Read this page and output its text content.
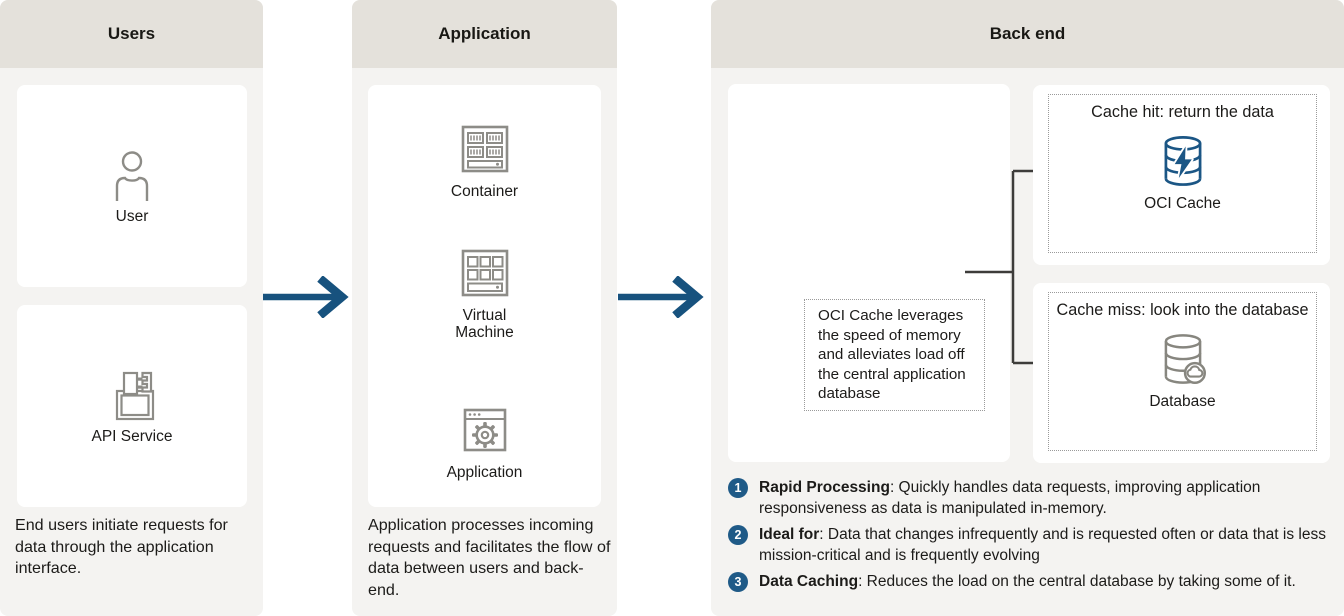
Users
User
API Service

End users initiate requests for data through the application interface.

Application
Container
Virtual Machine
Application

Application processes incoming requests and facilitates the flow of data between users and back-end.

Back end
OCI Cache leverages the speed of memory and alleviates load off the central application database
Cache hit: return the data
OCI Cache
Cache miss: look into the database
Database
1	Rapid Processing: Quickly handles data requests, improving application responsiveness as data is manipulated in-memory.
2	Ideal for: Data that changes infrequently and is requested often or data that is less mission-critical and is frequently evolving
3	Data Caching: Reduces the load on the central database by taking some of it.
